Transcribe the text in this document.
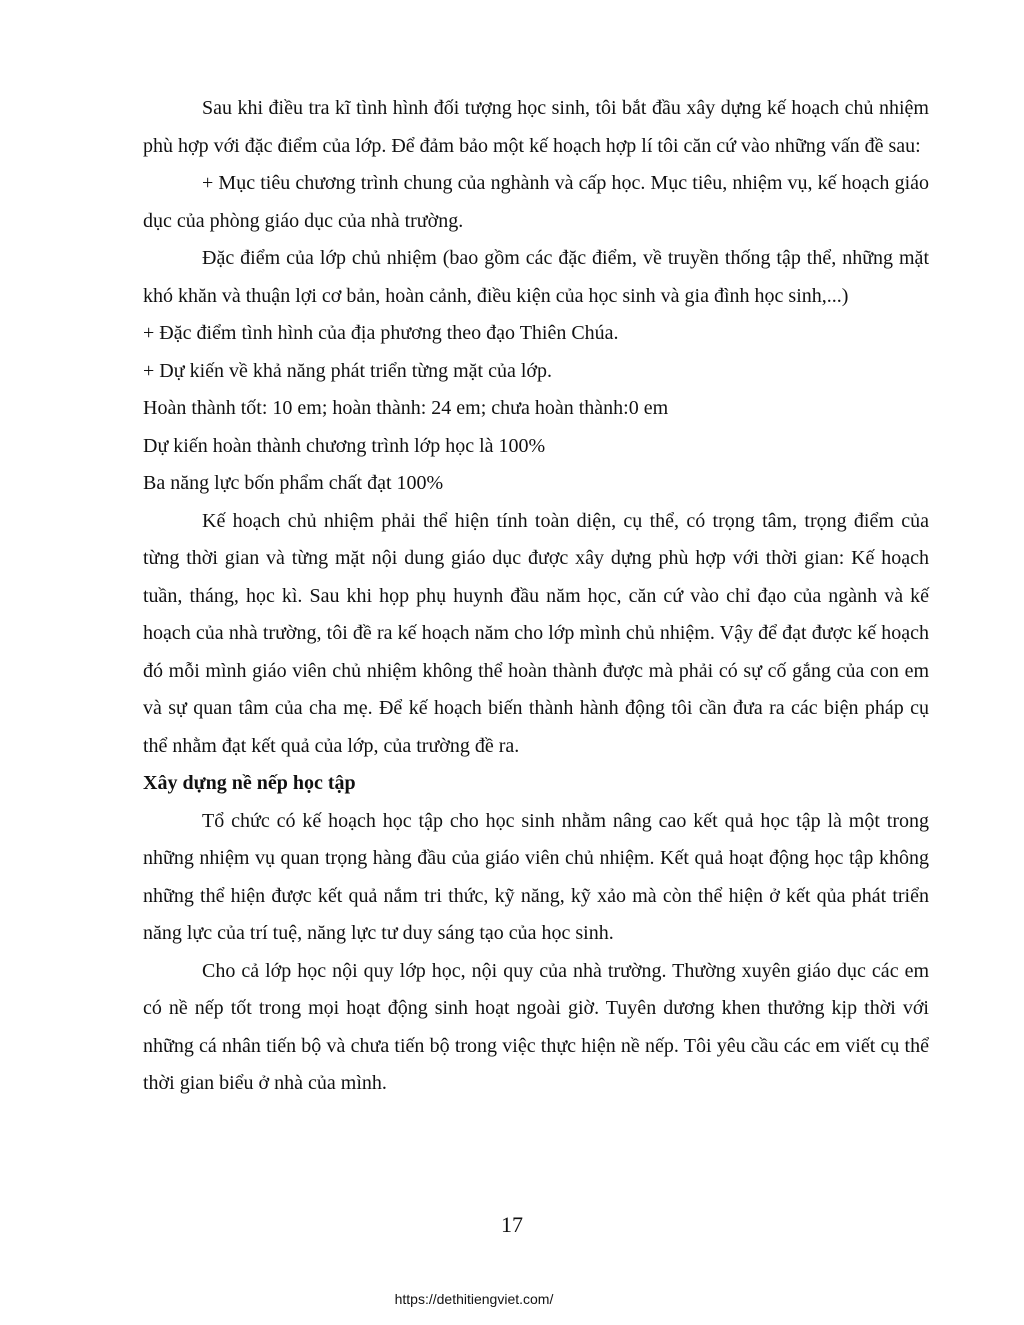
Sau khi điều tra kĩ tình hình đối tượng học sinh, tôi bắt đầu xây dựng kế hoạch chủ nhiệm phù hợp với đặc điểm của lớp. Để đảm bảo một kế hoạch hợp lí tôi căn cứ vào những vấn đề sau:

+ Mục tiêu chương trình chung của nghành và cấp học. Mục tiêu, nhiệm vụ, kế hoạch giáo dục của phòng giáo dục của nhà trường.

Đặc điểm của lớp chủ nhiệm (bao gồm các đặc điểm, về truyền thống tập thể, những mặt khó khăn và thuận lợi cơ bản, hoàn cảnh, điều kiện của học sinh và gia đình học sinh,...)

+ Đặc điểm tình hình của địa phương theo đạo Thiên Chúa.

+ Dự kiến về khả năng phát triển từng mặt của lớp.

Hoàn thành tốt: 10 em; hoàn thành: 24 em; chưa hoàn thành:0 em

Dự kiến hoàn thành chương trình lớp học là 100%

Ba năng lực bốn phẩm chất đạt 100%

Kế hoạch chủ nhiệm phải thể hiện tính toàn diện, cụ thể, có trọng tâm, trọng điểm của từng thời gian và từng mặt nội dung giáo dục được xây dựng phù hợp với thời gian: Kế hoạch tuần, tháng, học kì. Sau khi họp phụ huynh đầu năm học, căn cứ vào chỉ đạo của ngành và kế hoạch của nhà trường, tôi đề ra kế hoạch năm cho lớp mình chủ nhiệm. Vậy để đạt được kế hoạch đó mỗi mình giáo viên chủ nhiệm không thể hoàn thành được mà phải có sự cố gắng của con em và sự quan tâm của cha mẹ. Để kế hoạch biến thành hành động tôi cần đưa ra các biện pháp cụ thể nhằm đạt kết quả của lớp, của trường đề ra.

Xây dựng nề nếp học tập

Tổ chức có kế hoạch học tập cho học sinh nhằm nâng cao kết quả học tập là một trong những nhiệm vụ quan trọng hàng đầu của giáo viên chủ nhiệm. Kết quả hoạt động học tập không những thể hiện được kết quả nắm tri thức, kỹ năng, kỹ xảo mà còn thể hiện ở kết qủa phát triển năng lực của trí tuệ, năng lực tư duy sáng tạo của học sinh.

Cho cả lớp học nội quy lớp học, nội quy của nhà trường. Thường xuyên giáo dục các em có nề nếp tốt trong mọi hoạt động sinh hoạt ngoài giờ. Tuyên dương khen thưởng kịp thời với những cá nhân tiến bộ và chưa tiến bộ trong việc thực hiện nề nếp. Tôi yêu cầu các em viết cụ thể thời gian biểu ở nhà của mình.

17
https://dethitiengviet.com/
